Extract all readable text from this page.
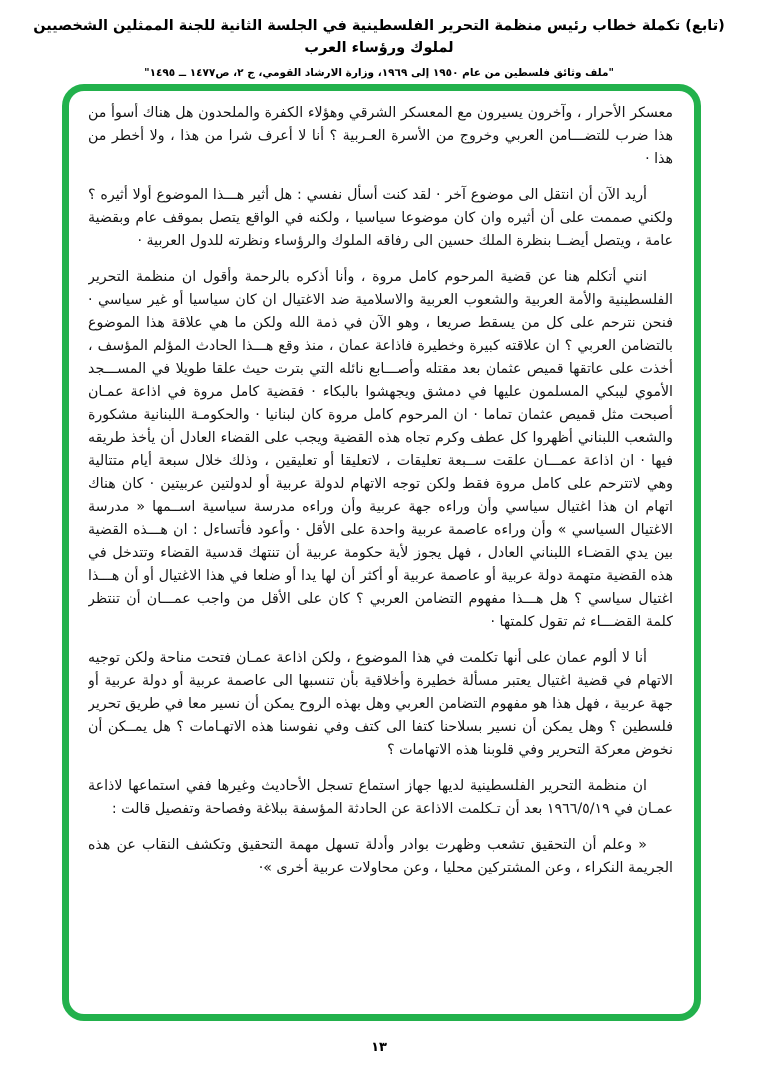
(تابع) تكملة خطاب رئيس منظمة التحرير الفلسطينية في الجلسة الثانية للجنة الممثلين الشخصيين لملوك ورؤساء العرب
"ملف وثائق فلسطين من عام ١٩٥٠ إلى ١٩٦٩، وزارة الارشاد القومي، ج ٢، ص١٤٧٧ ــ ١٤٩٥"

معسكر الأحرار ، وآخرون يسيرون مع المعسكر الشرقي وهؤلاء الكفرة والملحدون هل هناك أسوأ من هذا ضرب للتضـــامن العربي وخروج من الأسرة العـربية ؟ أنا لا أعرف شرا من هذا ، ولا أخطر من هذا ·

أريد الآن أن انتقل الى موضوع آخر · لقد كنت أسأل نفسي : هل أثير هـــذا الموضوع أولا أثيره ؟ ولكني صممت على أن أثيره وان كان موضوعا سياسيا ، ولكنه في الواقع يتصل بموقف عام وبقضية عامة ، ويتصل أيضــا بنظرة الملك حسين الى رفاقه الملوك والرؤساء ونظرته للدول العربية ·

انني أتكلم هنا عن قضية المرحوم كامل مروة ، وأنا أذكره بالرحمة وأقول ان منظمة التحرير الفلسطينية والأمة العربية والشعوب العربية والاسلامية ضد الاغتيال ان كان سياسيا أو غير سياسي · فنحن نترحم على كل من يسقط صريعا ، وهو الآن في ذمة الله ولكن ما هي علاقة هذا الموضوع بالتضامن العربي ؟ ان علاقته كبيرة وخطيرة فاذاعة عمان ، منذ وقع هـــذا الحادث المؤلم المؤسف ، أخذت على عاتقها قميص عثمان بعد مقتله وأصـــابع نائله التي بترت حيث علقا طويلا في المســـجد الأموي ليبكي المسلمون عليها في دمشق ويجهشوا بالبكاء · فقضية كامل مروة في اذاعة عمـان أصبحت مثل قميص عثمان تماما · ان المرحوم كامل مروة كان لبنانيا · والحكومـة اللبنانية مشكورة والشعب اللبناني أظهروا كل عطف وكرم تجاه هذه القضية ويجب على القضاء العادل أن يأخذ طريقه فيها · ان اذاعة عمـــان علقت ســبعة تعليقات ، لاتعليقا أو تعليقين ، وذلك خلال سبعة أيام متتالية وهي لاتترحم على كامل مروة فقط ولكن توجه الاتهام لدولة عربية أو لدولتين عربيتين · كان هناك اتهام ان هذا اغتيال سياسي وأن وراءه جهة عربية وأن وراءه مدرسة سياسية اســمها « مدرسة الاغتيال السياسي » وأن وراءه عاصمة عربية واحدة على الأقل · وأعود فأتساءل : ان هـــذه القضية بين يدي القضـاء اللبناني العادل ، فهل يجوز لأية حكومة عربية أن تنتهك قدسية القضاء وتتدخل في هذه القضية متهمة دولة عربية أو عاصمة عربية أو أكثر أن لها يدا أو ضلعا في هذا الاغتيال أو أن هـــذا اغتيال سياسي ؟ هل هـــذا مفهوم التضامن العربي ؟ كان على الأقل من واجب عمـــان أن تنتظر كلمة القضـــاء ثم تقول كلمتها ·

أنا لا ألوم عمان على أنها تكلمت في هذا الموضوع ، ولكن اذاعة عمـان فتحت مناحة ولكن توجيه الاتهام في قضية اغتيال يعتبر مسألة خطيرة وأخلاقية بأن تنسبها الى عاصمة عربية أو دولة عربية أو جهة عربية ، فهل هذا هو مفهوم التضامن العربي وهل بهذه الروح يمكن أن نسير معا في طريق تحرير فلسطين ؟ وهل يمكن أن نسير بسلاحنا كتفا الى كتف وفي نفوسنا هذه الاتهـامات ؟ هل يمــكن أن نخوض معركة التحرير وفي قلوبنا هذه الاتهامات ؟

ان منظمة التحرير الفلسطينية لديها جهاز استماع تسجل الأحاديث وغيرها ففي استماعها لاذاعة عمـان في ١٩٦٦/٥/١٩ بعد أن تـكلمت الاذاعة عن الحادثة المؤسفة ببلاغة وفصاحة وتفصيل قالت :

« وعلم أن التحقيق تشعب وظهرت بوادر وأدلة تسهل مهمة التحقيق وتكشف النقاب عن هذه الجريمة النكراء ، وعن المشتركين محليا ، وعن محاولات عربية أخرى »·

١٣
